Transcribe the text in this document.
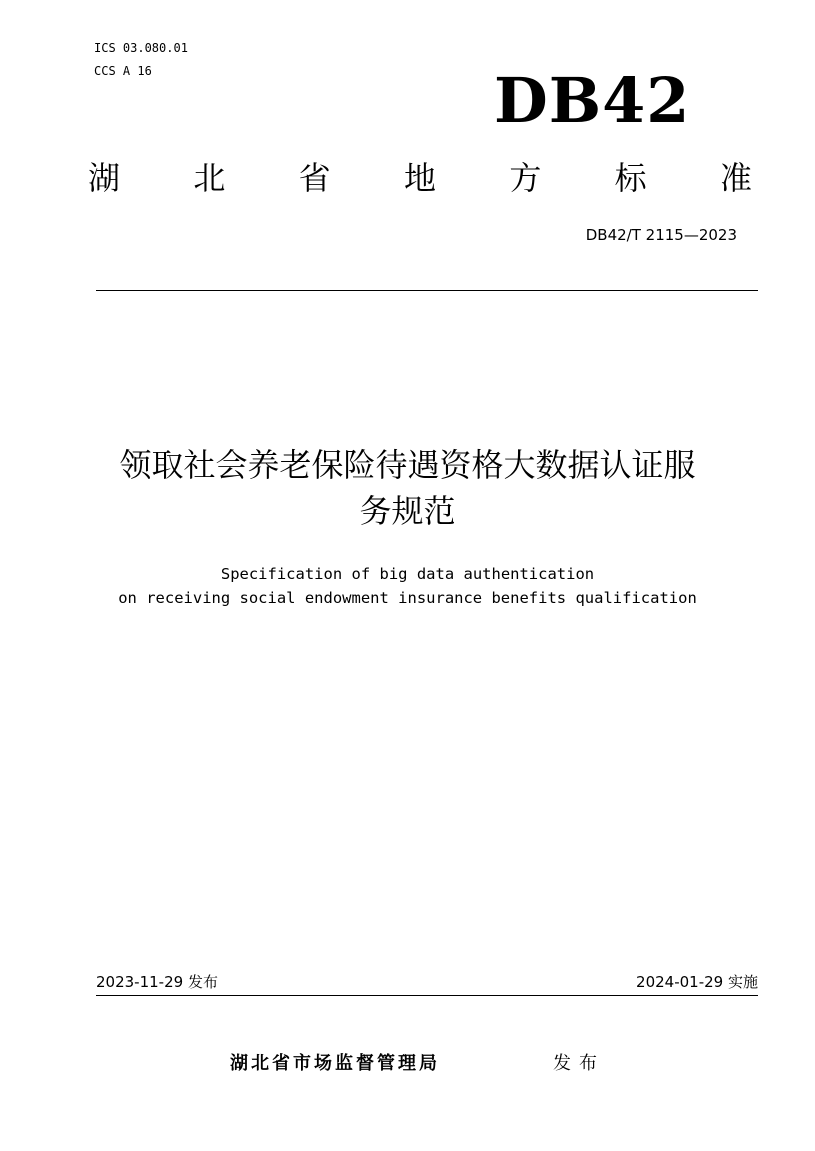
ICS 03.080.01
CCS A 16	DB42
湖 北 省 地 方 标 准
DB42/T 2115—2023
领取社会养老保险待遇资格大数据认证服
务规范
Specification of big data authentication
on receiving social endowment insurance benefits qualification
2023-11-29 发布	2024-01-29 实施
湖北省市场监督管理局	发布
